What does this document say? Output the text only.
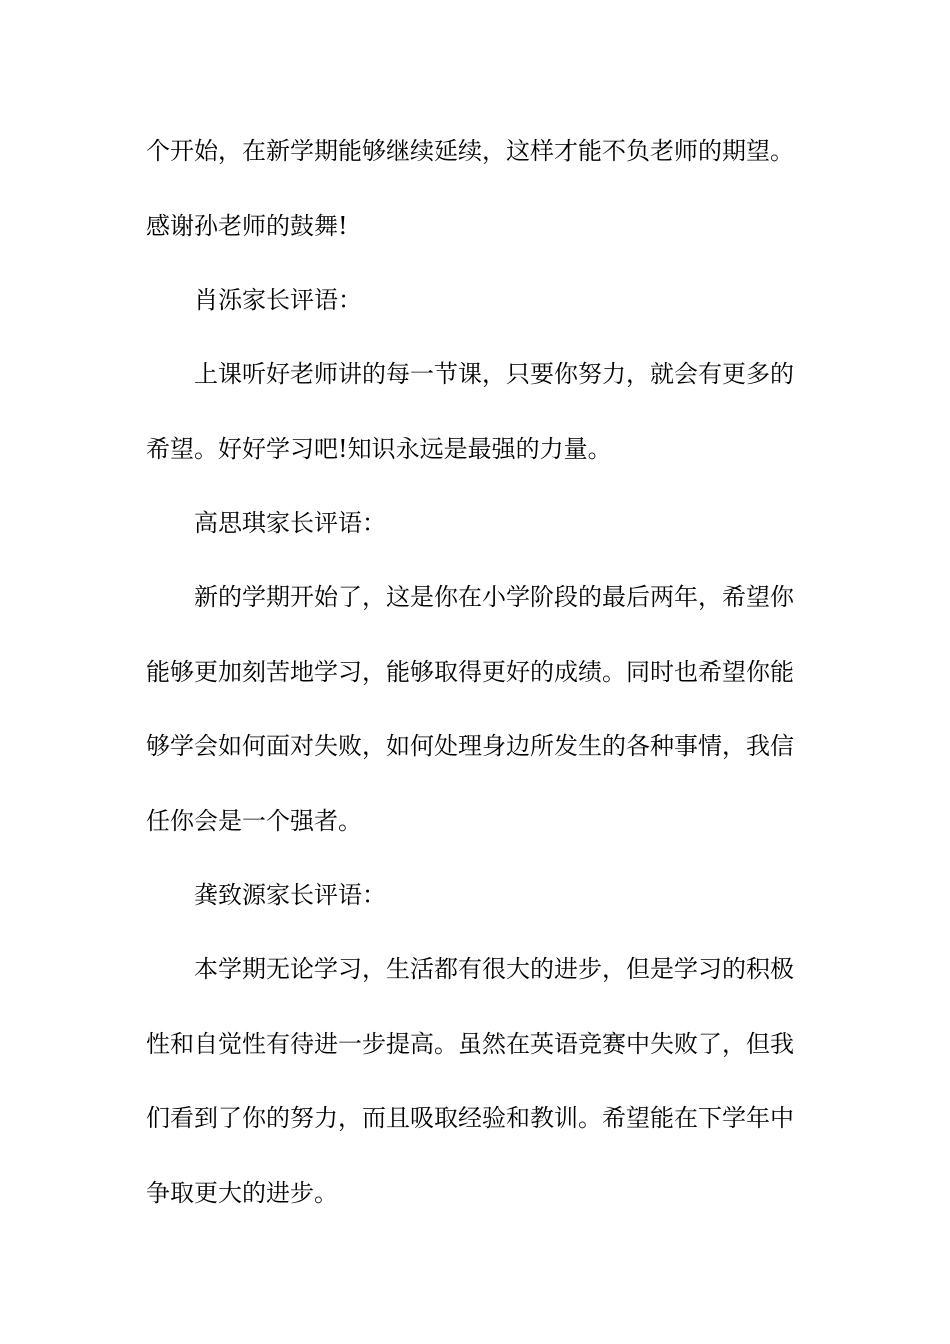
个开始，在新学期能够继续延续，这样才能不负老师的期望。
感谢孙老师的鼓舞!
肖泺家长评语：
上课听好老师讲的每一节课，只要你努力，就会有更多的
希望。好好学习吧!知识永远是最强的力量。
高思琪家长评语：
新的学期开始了，这是你在小学阶段的最后两年，希望你
能够更加刻苦地学习，能够取得更好的成绩。同时也希望你能
够学会如何面对失败，如何处理身边所发生的各种事情，我信
任你会是一个强者。
龚致源家长评语：
本学期无论学习，生活都有很大的进步，但是学习的积极
性和自觉性有待进一步提高。虽然在英语竞赛中失败了，但我
们看到了你的努力，而且吸取经验和教训。希望能在下学年中
争取更大的进步。
